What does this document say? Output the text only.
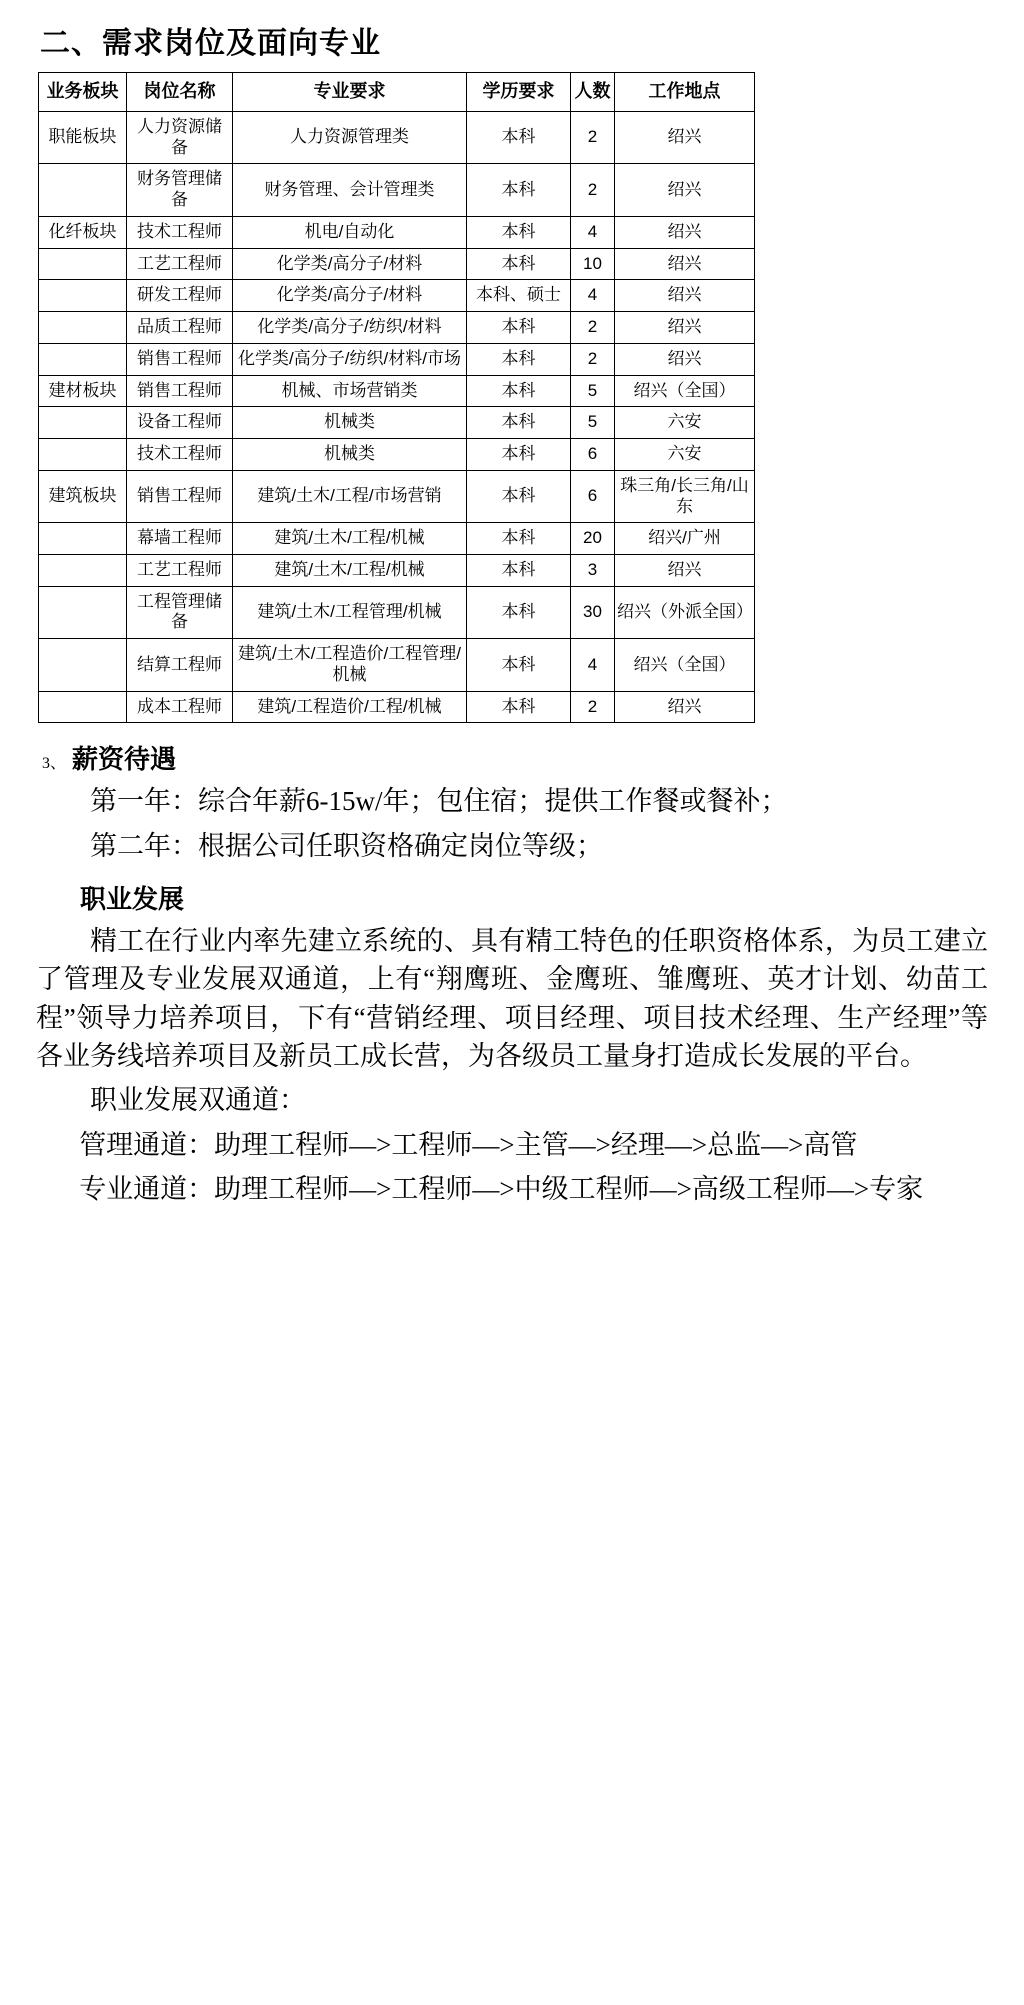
二、需求岗位及面向专业
业务板块	岗位名称	专业要求	学历要求	人数	工作地点
职能板块	人力资源储备	人力资源管理类	本科	2	绍兴
	财务管理储备	财务管理、会计管理类	本科	2	绍兴
化纤板块	技术工程师	机电/自动化	本科	4	绍兴
	工艺工程师	化学类/高分子/材料	本科	10	绍兴
	研发工程师	化学类/高分子/材料	本科、硕士	4	绍兴
	品质工程师	化学类/高分子/纺织/材料	本科	2	绍兴
	销售工程师	化学类/高分子/纺织/材料/市场	本科	2	绍兴
建材板块	销售工程师	机械、市场营销类	本科	5	绍兴（全国）
	设备工程师	机械类	本科	5	六安
	技术工程师	机械类	本科	6	六安
建筑板块	销售工程师	建筑/土木/工程/市场营销	本科	6	珠三角/长三角/山东
	幕墙工程师	建筑/土木/工程/机械	本科	20	绍兴/广州
	工艺工程师	建筑/土木/工程/机械	本科	3	绍兴
	工程管理储备	建筑/土木/工程管理/机械	本科	30	绍兴（外派全国）
	结算工程师	建筑/土木/工程造价/工程管理/机械	本科	4	绍兴（全国）
	成本工程师	建筑/工程造价/工程/机械	本科	2	绍兴
3、 薪资待遇

第一年：综合年薪6-15w/年；包住宿；提供工作餐或餐补；

第二年：根据公司任职资格确定岗位等级；

职业发展

精工在行业内率先建立系统的、具有精工特色的任职资格体系，为员工建立了管理及专业发展双通道，上有“翔鹰班、金鹰班、雏鹰班、英才计划、幼苗工程”领导力培养项目，下有“营销经理、项目经理、项目技术经理、生产经理”等各业务线培养项目及新员工成长营，为各级员工量身打造成长发展的平台。

职业发展双通道：

管理通道：助理工程师—>工程师—>主管—>经理—>总监—>高管

专业通道：助理工程师—>工程师—>中级工程师—>高级工程师—>专家
